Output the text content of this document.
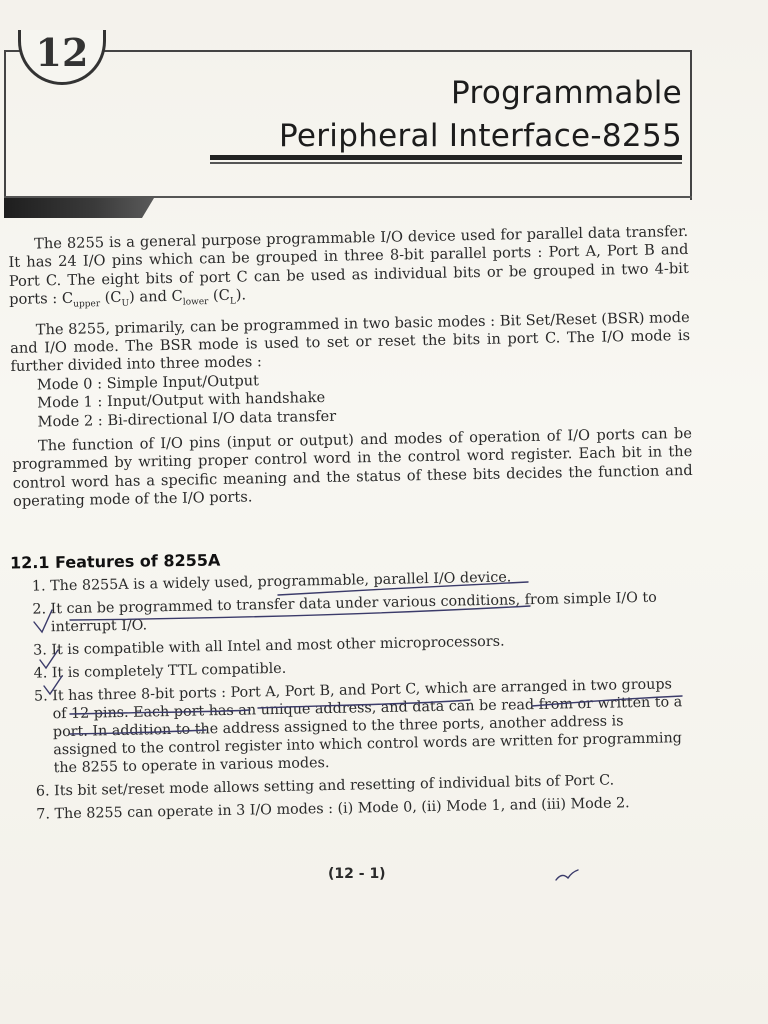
12
Programmable
Peripheral Interface-8255

The 8255 is a general purpose programmable I/O device used for parallel data transfer. It has 24 I/O pins which can be grouped in three 8-bit parallel ports : Port A, Port B and Port C. The eight bits of port C can be used as individual bits or be grouped in two 4-bit ports : $C_{upper}$ $(C_U)$ and $C_{lower}$ $(C_L)$.

The 8255, primarily, can be programmed in two basic modes : Bit Set/Reset (BSR) mode and I/O mode. The BSR mode is used to set or reset the bits in port C. The I/O mode is further divided into three modes :

Mode 0 : Simple Input/Output

Mode 1 : Input/Output with handshake

Mode 2 : Bi-directional I/O data transfer

The function of I/O pins (input or output) and modes of operation of I/O ports can be programmed by writing proper control word in the control word register. Each bit in the control word has a specific meaning and the status of these bits decides the function and operating mode of the I/O ports.

12.1 Features of 8255A
1. The 8255A is a widely used, programmable, parallel I/O device.
2. It can be programmed to transfer data under various conditions, from simple I/O to interrupt I/O.
3. It is compatible with all Intel and most other microprocessors.
4. It is completely TTL compatible.
5. It has three 8-bit ports : Port A, Port B, and Port C, which are arranged in two groups of 12 pins. Each port has an unique address, and data can be read from or written to a port. In addition to the address assigned to the three ports, another address is assigned to the control register into which control words are written for programming the 8255 to operate in various modes.
6. Its bit set/reset mode allows setting and resetting of individual bits of Port C.
7. The 8255 can operate in 3 I/O modes : (i) Mode 0, (ii) Mode 1, and (iii) Mode 2.
(12 - 1)
